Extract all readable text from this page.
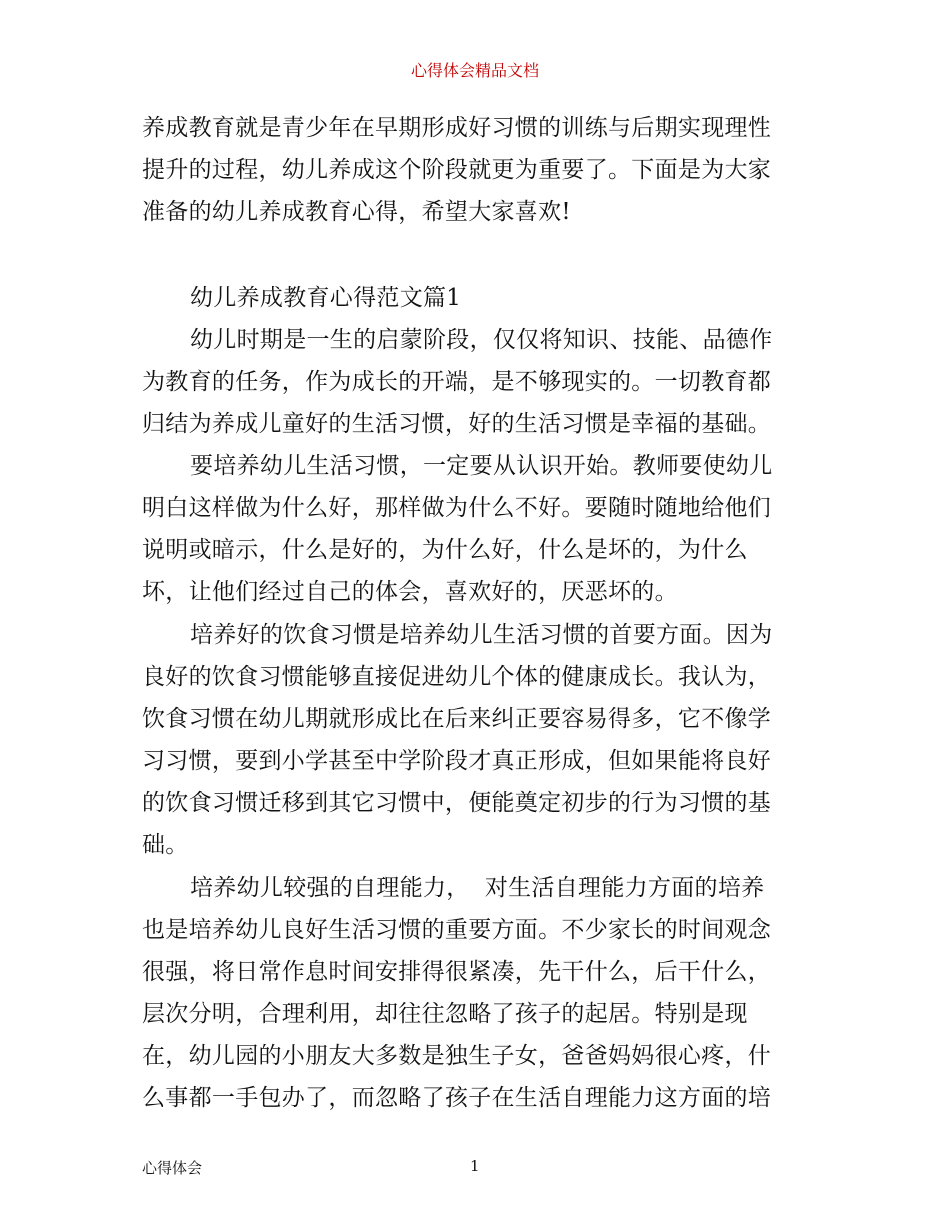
心得体会精品文档
养成教育就是青少年在早期形成好习惯的训练与后期实现理性
提升的过程，幼儿养成这个阶段就更为重要了。下面是为大家
准备的幼儿养成教育心得，希望大家喜欢!
幼儿养成教育心得范文篇1
幼儿时期是一生的启蒙阶段，仅仅将知识、技能、品德作
为教育的任务，作为成长的开端，是不够现实的。一切教育都
归结为养成儿童好的生活习惯，好的生活习惯是幸福的基础。
要培养幼儿生活习惯，一定要从认识开始。教师要使幼儿
明白这样做为什么好，那样做为什么不好。要随时随地给他们
说明或暗示，什么是好的，为什么好，什么是坏的，为什么
坏，让他们经过自己的体会，喜欢好的，厌恶坏的。
培养好的饮食习惯是培养幼儿生活习惯的首要方面。因为
良好的饮食习惯能够直接促进幼儿个体的健康成长。我认为，
饮食习惯在幼儿期就形成比在后来纠正要容易得多，它不像学
习习惯，要到小学甚至中学阶段才真正形成，但如果能将良好
的饮食习惯迁移到其它习惯中，便能奠定初步的行为习惯的基
础。
培养幼儿较强的自理能力，  对生活自理能力方面的培养
也是培养幼儿良好生活习惯的重要方面。不少家长的时间观念
很强，将日常作息时间安排得很紧凑，先干什么，后干什么，
层次分明，合理利用，却往往忽略了孩子的起居。特别是现
在，幼儿园的小朋友大多数是独生子女，爸爸妈妈很心疼，什
么事都一手包办了，而忽略了孩子在生活自理能力这方面的培
心得体会	1
